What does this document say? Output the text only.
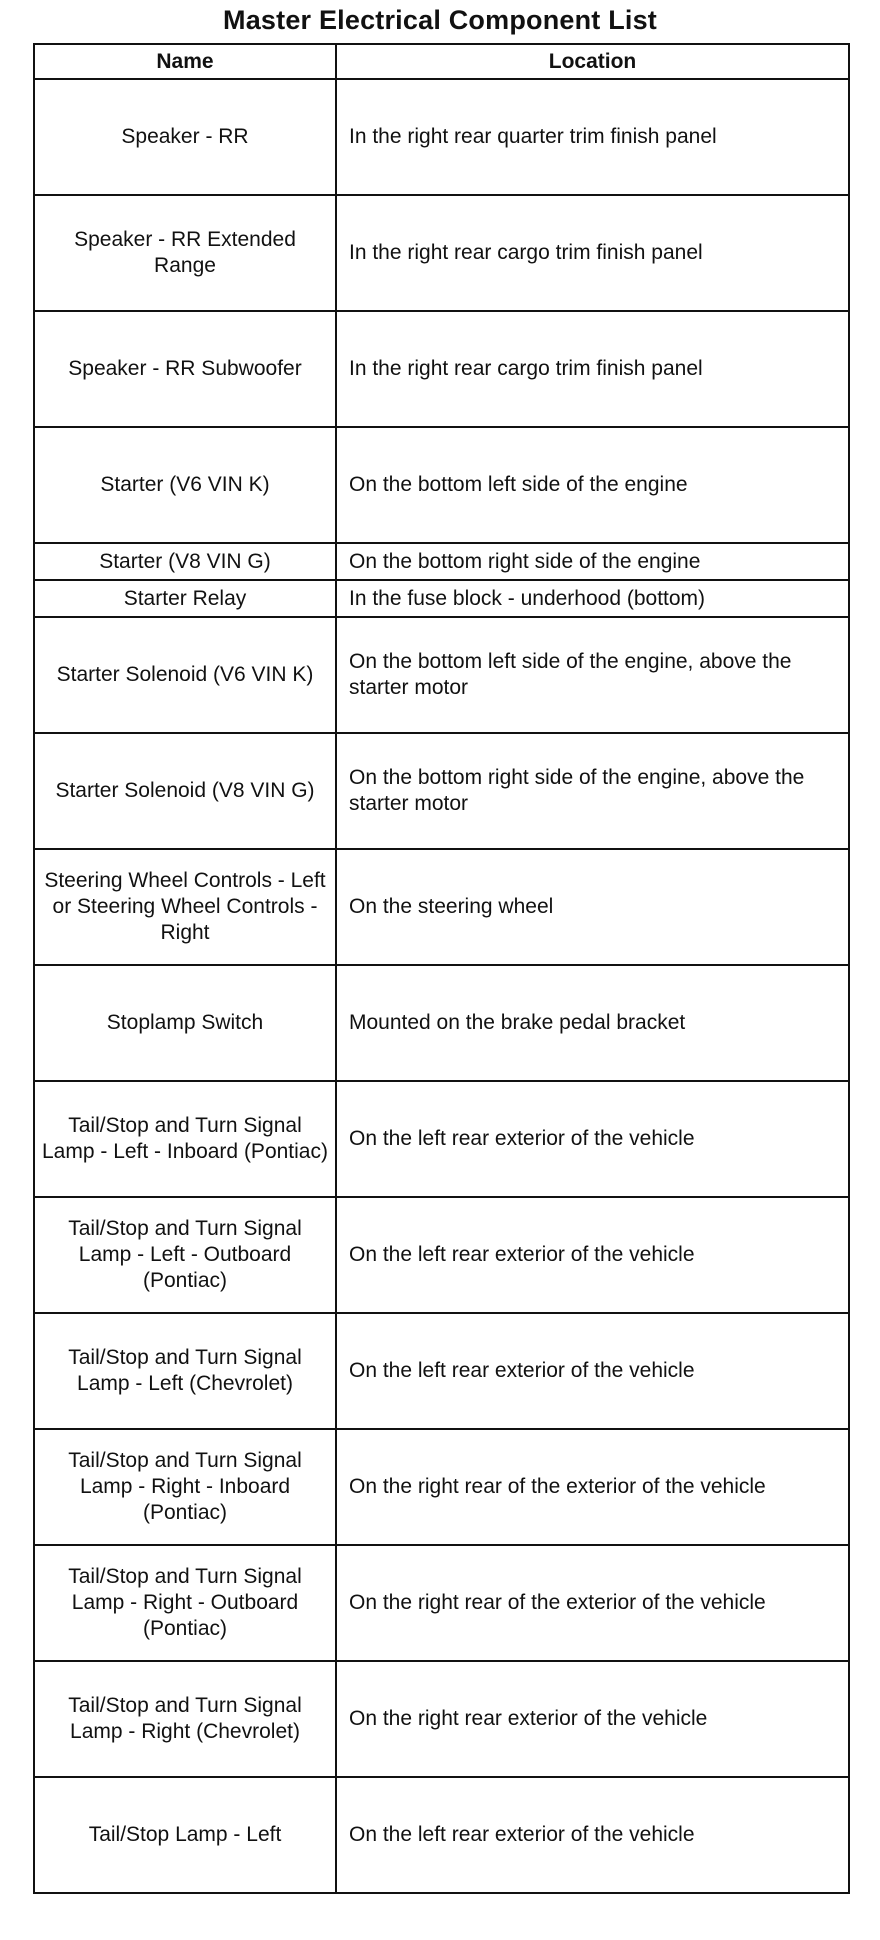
Master Electrical Component List
Name	Location
Speaker - RR	In the right rear quarter trim finish panel
Speaker - RR Extended Range	In the right rear cargo trim finish panel
Speaker - RR Subwoofer	In the right rear cargo trim finish panel
Starter (V6 VIN K)	On the bottom left side of the engine
Starter (V8 VIN G)	On the bottom right side of the engine
Starter Relay	In the fuse block - underhood (bottom)
Starter Solenoid (V6 VIN K)	On the bottom left side of the engine, above the starter motor
Starter Solenoid (V8 VIN G)	On the bottom right side of the engine, above the starter motor
Steering Wheel Controls - Left or Steering Wheel Controls - Right	On the steering wheel
Stoplamp Switch	Mounted on the brake pedal bracket
Tail/Stop and Turn Signal Lamp - Left - Inboard (Pontiac)	On the left rear exterior of the vehicle
Tail/Stop and Turn Signal Lamp - Left - Outboard (Pontiac)	On the left rear exterior of the vehicle
Tail/Stop and Turn Signal Lamp - Left (Chevrolet)	On the left rear exterior of the vehicle
Tail/Stop and Turn Signal Lamp - Right - Inboard (Pontiac)	On the right rear of the exterior of the vehicle
Tail/Stop and Turn Signal Lamp - Right - Outboard (Pontiac)	On the right rear of the exterior of the vehicle
Tail/Stop and Turn Signal Lamp - Right (Chevrolet)	On the right rear exterior of the vehicle
Tail/Stop Lamp - Left	On the left rear exterior of the vehicle
